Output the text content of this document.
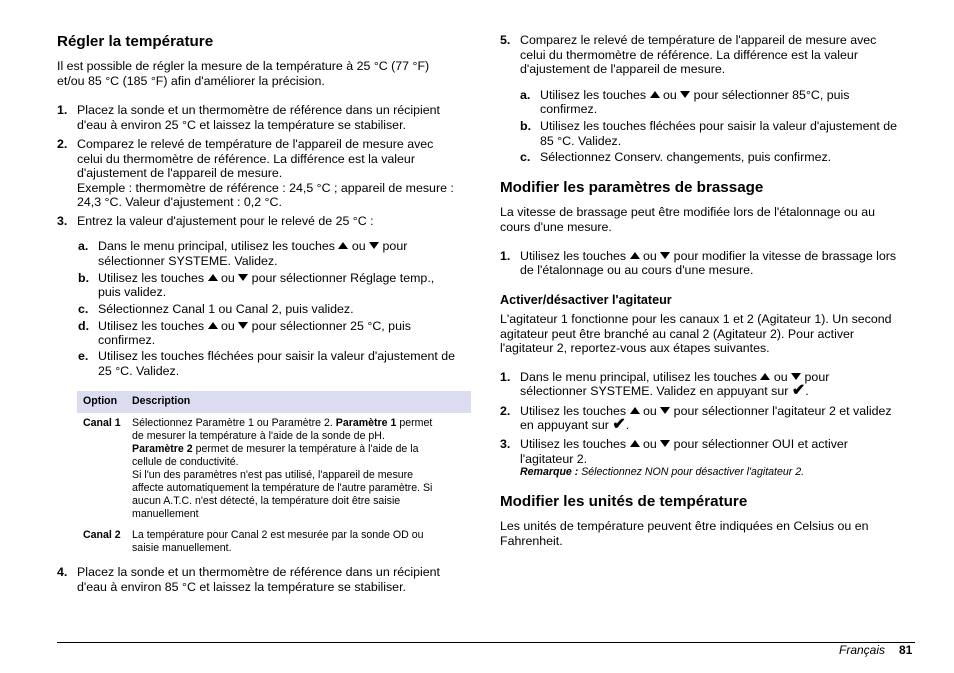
Régler la température

Il est possible de régler la mesure de la température à 25 °C (77 °F)

et/ou 85 °C (185 °F) afin d'améliorer la précision.

1. Placez la sonde et un thermomètre de référence dans un récipient
d'eau à environ 25 °C et laissez la température se stabiliser.
2. Comparez le relevé de température de l'appareil de mesure avec
celui du thermomètre de référence. La différence est la valeur
d'ajustement de l'appareil de mesure.
Exemple : thermomètre de référence : 24,5 °C ; appareil de mesure :
24,3 °C. Valeur d'ajustement : 0,2 °C.
3. Entrez la valeur d'ajustement pour le relevé de 25 °C :
a. Dans le menu principal, utilisez les touches ou pour
sélectionner SYSTEME. Validez.
b. Utilisez les touches ou pour sélectionner Réglage temp.,
puis validez.
c. Sélectionnez Canal 1 ou Canal 2, puis validez.
d. Utilisez les touches ou pour sélectionner 25 °C, puis
confirmez.
e. Utilisez les touches fléchées pour saisir la valeur d'ajustement de
25 °C. Validez.
Option Description
Canal 1 Sélectionnez Paramètre 1 ou Paramètre 2. Paramètre 1 permet
de mesurer la température à l'aide de la sonde de pH.
Paramètre 2 permet de mesurer la température à l'aide de la
cellule de conductivité.
Si l'un des paramètres n'est pas utilisé, l'appareil de mesure
affecte automatiquement la température de l'autre paramètre. Si
aucun A.T.C. n'est détecté, la température doit être saisie
manuellement
Canal 2 La température pour Canal 2 est mesurée par la sonde OD ou
saisie manuellement.
4. Placez la sonde et un thermomètre de référence dans un récipient
d'eau à environ 85 °C et laissez la température se stabiliser.
5. Comparez le relevé de température de l'appareil de mesure avec
celui du thermomètre de référence. La différence est la valeur
d'ajustement de l'appareil de mesure.
a. Utilisez les touches ou pour sélectionner 85°C, puis
confirmez.
b. Utilisez les touches fléchées pour saisir la valeur d'ajustement de
85 °C. Validez.
c. Sélectionnez Conserv. changements, puis confirmez.
Modifier les paramètres de brassage

La vitesse de brassage peut être modifiée lors de l'étalonnage ou au

cours d'une mesure.

1. Utilisez les touches ou pour modifier la vitesse de brassage lors
de l'étalonnage ou au cours d'une mesure.
Activer/désactiver l'agitateur

L'agitateur 1 fonctionne pour les canaux 1 et 2 (Agitateur 1). Un second

agitateur peut être branché au canal 2 (Agitateur 2). Pour activer

l'agitateur 2, reportez-vous aux étapes suivantes.

1. Dans le menu principal, utilisez les touches ou pour
sélectionner SYSTEME. Validez en appuyant sur ✔.
2. Utilisez les touches ou pour sélectionner l'agitateur 2 et validez
en appuyant sur ✔.
3. Utilisez les touches ou pour sélectionner OUI et activer
l'agitateur 2.
Remarque : Sélectionnez NON pour désactiver l'agitateur 2.
Modifier les unités de température

Les unités de température peuvent être indiquées en Celsius ou en

Fahrenheit.

Français 81
